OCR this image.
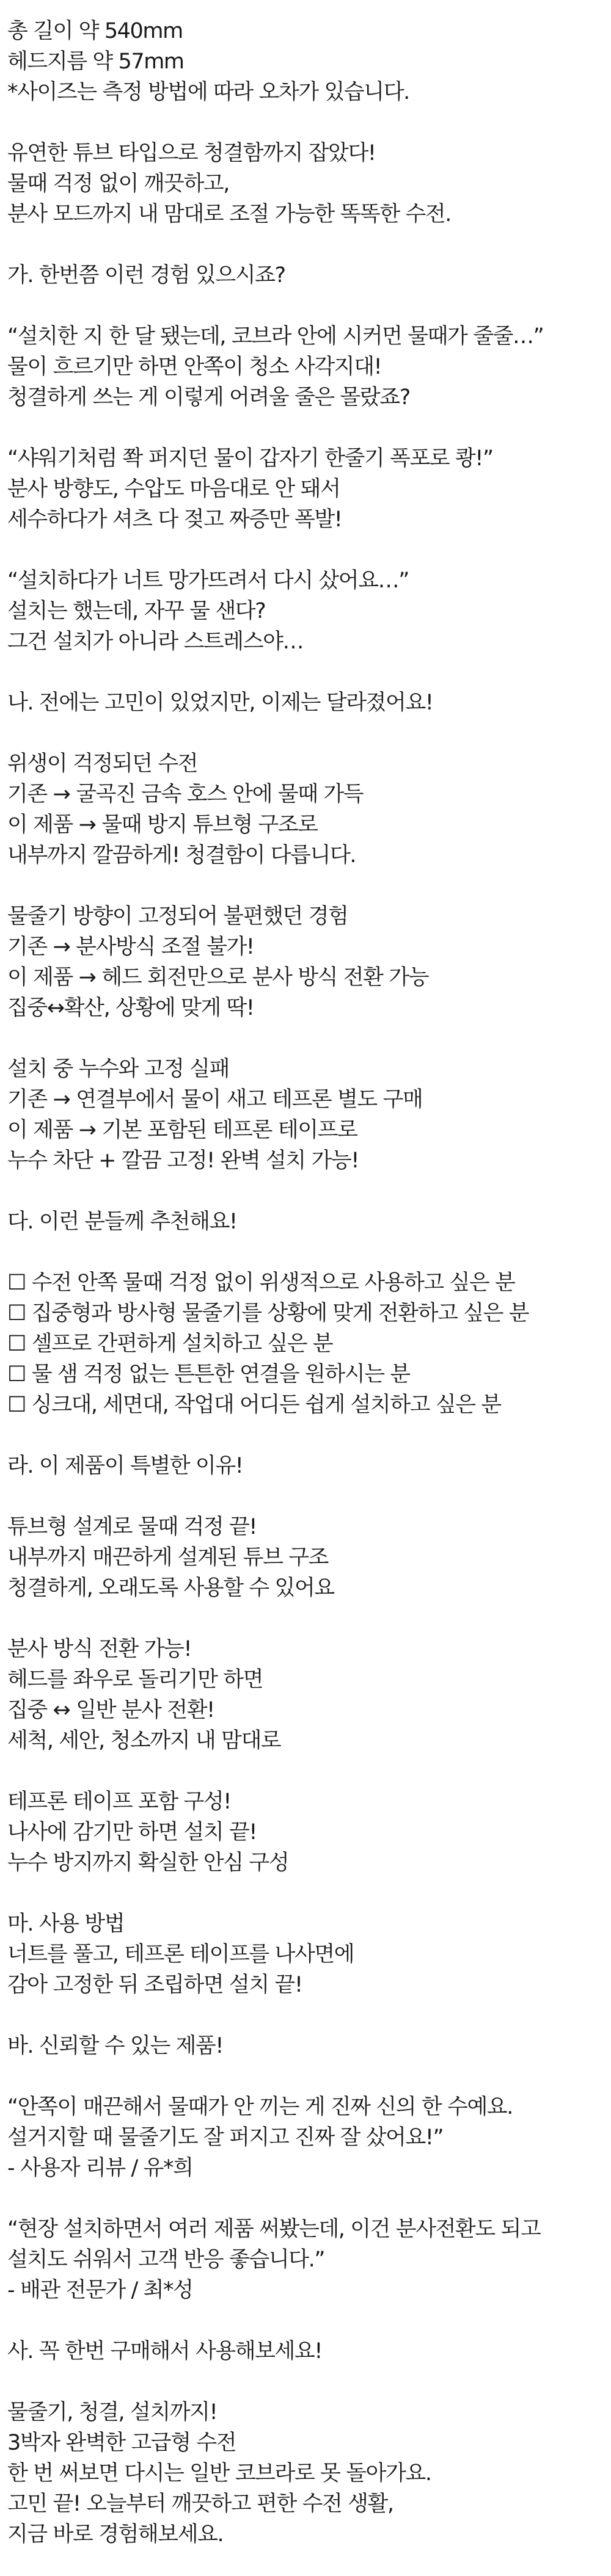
총 길이 약 540mm
헤드지름 약 57mm
*사이즈는 측정 방법에 따라 오차가 있습니다.
유연한 튜브 타입으로 청결함까지 잡았다!
물때 걱정 없이 깨끗하고,
분사 모드까지 내 맘대로 조절 가능한 똑똑한 수전.
가. 한번쯤 이런 경험 있으시죠?
“설치한 지 한 달 됐는데, 코브라 안에 시커먼 물때가 줄줄…”
물이 흐르기만 하면 안쪽이 청소 사각지대!
청결하게 쓰는 게 이렇게 어려울 줄은 몰랐죠?
“샤워기처럼 쫙 퍼지던 물이 갑자기 한줄기 폭포로 쾅!”
분사 방향도, 수압도 마음대로 안 돼서
세수하다가 셔츠 다 젖고 짜증만 폭발!
“설치하다가 너트 망가뜨려서 다시 샀어요…”
설치는 했는데, 자꾸 물 샌다?
그건 설치가 아니라 스트레스야…
나. 전에는 고민이 있었지만, 이제는 달라졌어요!
위생이 걱정되던 수전
기존 → 굴곡진 금속 호스 안에 물때 가득
이 제품 → 물때 방지 튜브형 구조로
내부까지 깔끔하게! 청결함이 다릅니다.
물줄기 방향이 고정되어 불편했던 경험
기존 → 분사방식 조절 불가!
이 제품 → 헤드 회전만으로 분사 방식 전환 가능
집중↔확산, 상황에 맞게 딱!
설치 중 누수와 고정 실패
기존 → 연결부에서 물이 새고 테프론 별도 구매
이 제품 → 기본 포함된 테프론 테이프로
누수 차단 + 깔끔 고정! 완벽 설치 가능!
다. 이런 분들께 추천해요!
☐ 수전 안쪽 물때 걱정 없이 위생적으로 사용하고 싶은 분
☐ 집중형과 방사형 물줄기를 상황에 맞게 전환하고 싶은 분
☐ 셀프로 간편하게 설치하고 싶은 분
☐ 물 샘 걱정 없는 튼튼한 연결을 원하시는 분
☐ 싱크대, 세면대, 작업대 어디든 쉽게 설치하고 싶은 분
라. 이 제품이 특별한 이유!
튜브형 설계로 물때 걱정 끝!
내부까지 매끈하게 설계된 튜브 구조
청결하게, 오래도록 사용할 수 있어요
분사 방식 전환 가능!
헤드를 좌우로 돌리기만 하면
집중 ↔ 일반 분사 전환!
세척, 세안, 청소까지 내 맘대로
테프론 테이프 포함 구성!
나사에 감기만 하면 설치 끝!
누수 방지까지 확실한 안심 구성
마. 사용 방법
너트를 풀고, 테프론 테이프를 나사면에
감아 고정한 뒤 조립하면 설치 끝!
바. 신뢰할 수 있는 제품!
“안쪽이 매끈해서 물때가 안 끼는 게 진짜 신의 한 수예요.
설거지할 때 물줄기도 잘 퍼지고 진짜 잘 샀어요!”
- 사용자 리뷰 / 유*희
“현장 설치하면서 여러 제품 써봤는데, 이건 분사전환도 되고
설치도 쉬워서 고객 반응 좋습니다.”
- 배관 전문가 / 최*성
사. 꼭 한번 구매해서 사용해보세요!
물줄기, 청결, 설치까지!
3박자 완벽한 고급형 수전
한 번 써보면 다시는 일반 코브라로 못 돌아가요.
고민 끝! 오늘부터 깨끗하고 편한 수전 생활,
지금 바로 경험해보세요.
